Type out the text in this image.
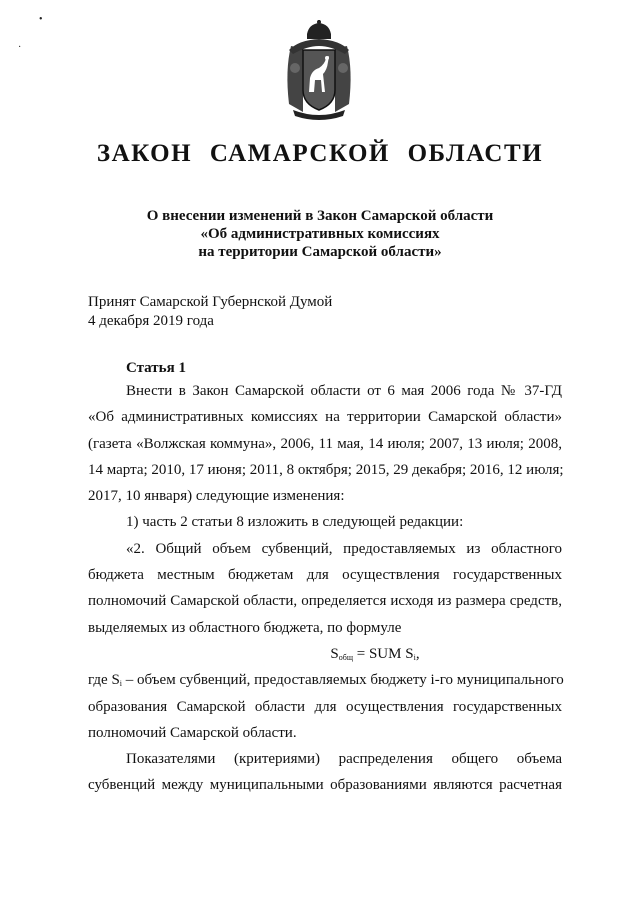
•
·
ЗАКОН САМАРСКОЙ ОБЛАСТИ
О внесении изменений в Закон Самарской области
«Об административных комиссиях
на территории Самарской области»
Принят Самарской Губернской Думой
4 декабря 2019 года
Статья 1
Внести в Закон Самарской области от 6 мая 2006 года № 37-ГД
«Об административных комиссиях на территории Самарской области»
(газета «Волжская коммуна», 2006, 11 мая, 14 июля; 2007, 13 июля; 2008,
14 марта; 2010, 17 июня; 2011, 8 октября; 2015, 29 декабря; 2016, 12 июля;
2017, 10 января) следующие изменения:
1) часть 2 статьи 8 изложить в следующей редакции:
«2. Общий объем субвенций, предоставляемых из областного
бюджета местным бюджетам для осуществления государственных
полномочий Самарской области, определяется исходя из размера средств,
выделяемых из областного бюджета, по формуле
$S_{общ}$ = SUM $S_i$,
где $S_i$ – объем субвенций, предоставляемых бюджету i-го муниципального
образования Самарской области для осуществления государственных
полномочий Самарской области.
Показателями (критериями) распределения общего объема
субвенций между муниципальными образованиями являются расчетная
